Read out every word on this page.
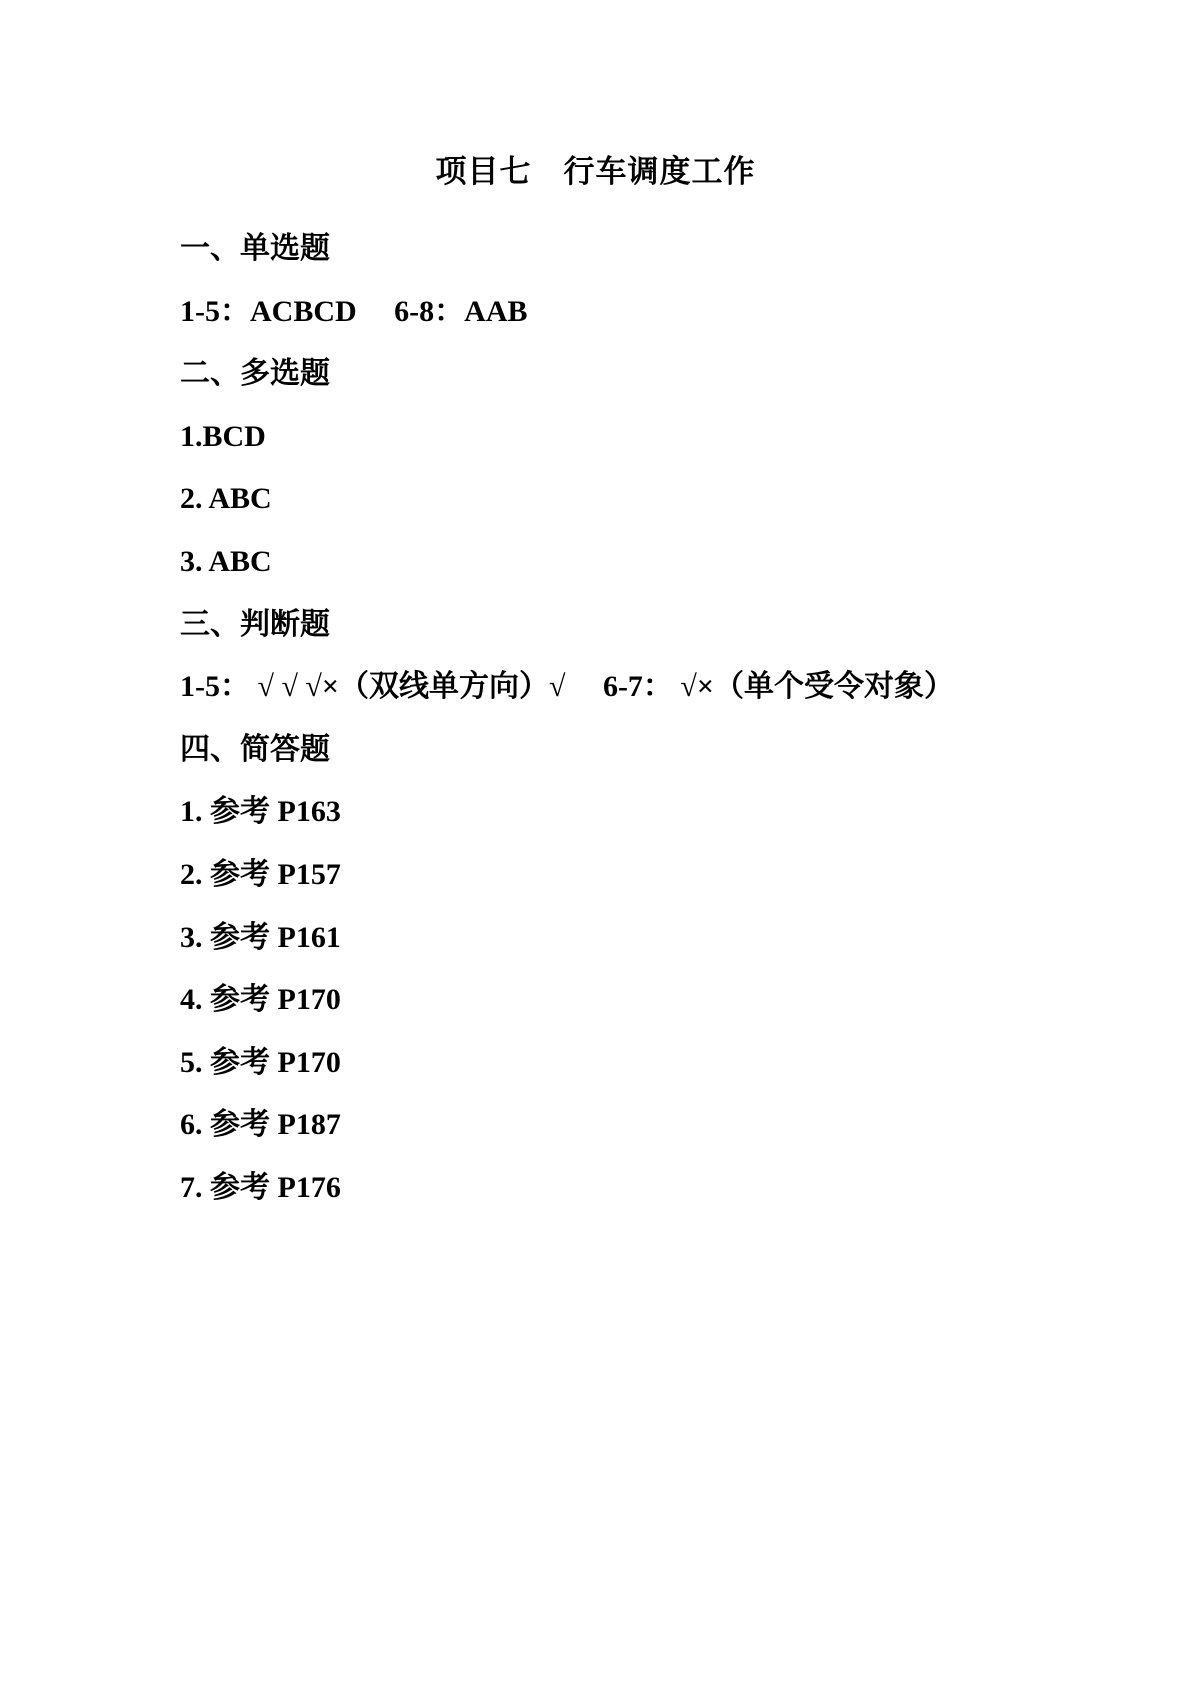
项目七　行车调度工作

一、单选题

1-5：ACBCD　 6-8：AAB

二、多选题

1.BCD

2. ABC

3. ABC

三、判断题

1-5： √ √ √×（双线单方向）√　 6-7： √×（单个受令对象）

四、简答题

1. 参考 P163

2. 参考 P157

3. 参考 P161

4. 参考 P170

5. 参考 P170

6. 参考 P187

7. 参考 P176
